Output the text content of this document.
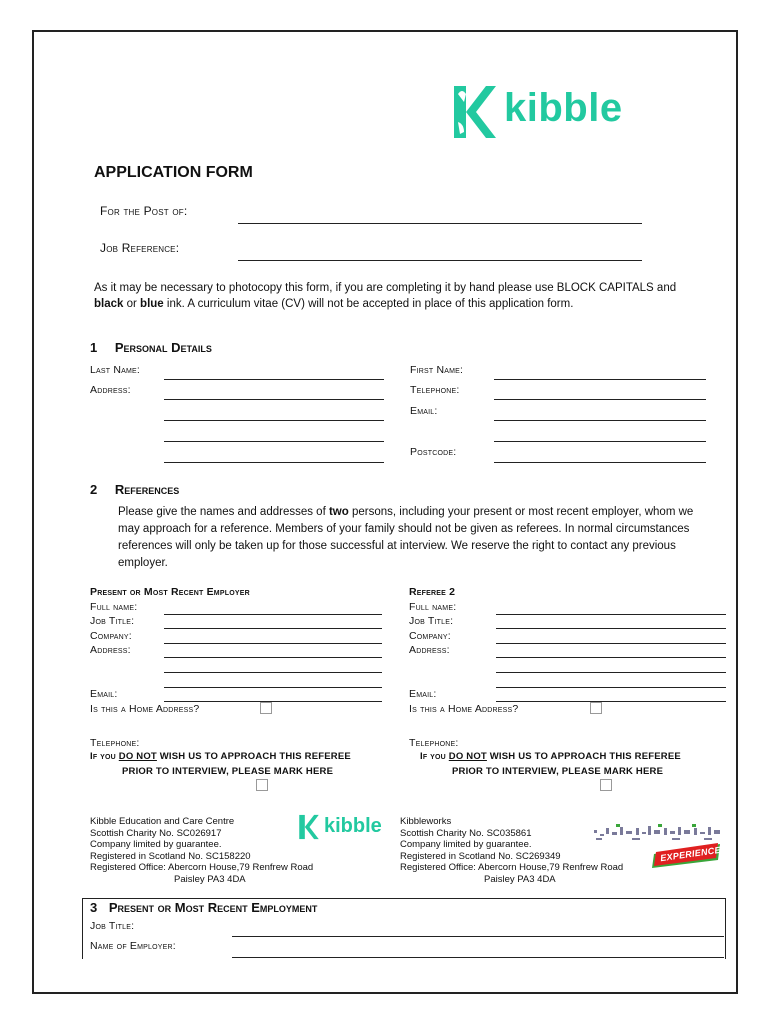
kibble
APPLICATION FORM
For the Post of:
Job Reference:
As it may be necessary to photocopy this form, if you are completing it by hand please use BLOCK CAPITALS and black or blue ink. A curriculum vitae (CV) will not be accepted in place of this application form.
1 Personal Details
Last Name:
Address:
First Name:
Telephone:
Email:
Postcode:
2 References
Please give the names and addresses of two persons, including your present or most recent employer, whom we may approach for a reference. Members of your family should not be given as referees. In normal circumstances references will only be taken up for those successful at interview. We reserve the right to contact any previous employer.
Present or Most Recent Employer
Full name:
Job Title:
Company:
Address:
Email:
Is this a Home Address?
Telephone:
If you DO NOT WISH US TO APPROACH THIS REFEREE
PRIOR TO INTERVIEW, PLEASE MARK HERE
Referee 2
Full name:
Job Title:
Company:
Address:
Email:
Is this a Home Address?
Telephone:
If you DO NOT WISH US TO APPROACH THIS REFEREE
PRIOR TO INTERVIEW, PLEASE MARK HERE
Kibble Education and Care Centre
Scottish Charity No. SC026917
Company limited by guarantee.
Registered in Scotland No. SC158220
Registered Office: Abercorn House,79 Renfrew Road
Paisley PA3 4DA
kibble Kibbleworks
Scottish Charity No. SC035861
Company limited by guarantee.
Registered in Scotland No. SC269349
Registered Office: Abercorn House,79 Renfrew Road
Paisley PA3 4DA
EXPERIENCE
3 Present or Most Recent Employment
Job Title:
Name of Employer:
